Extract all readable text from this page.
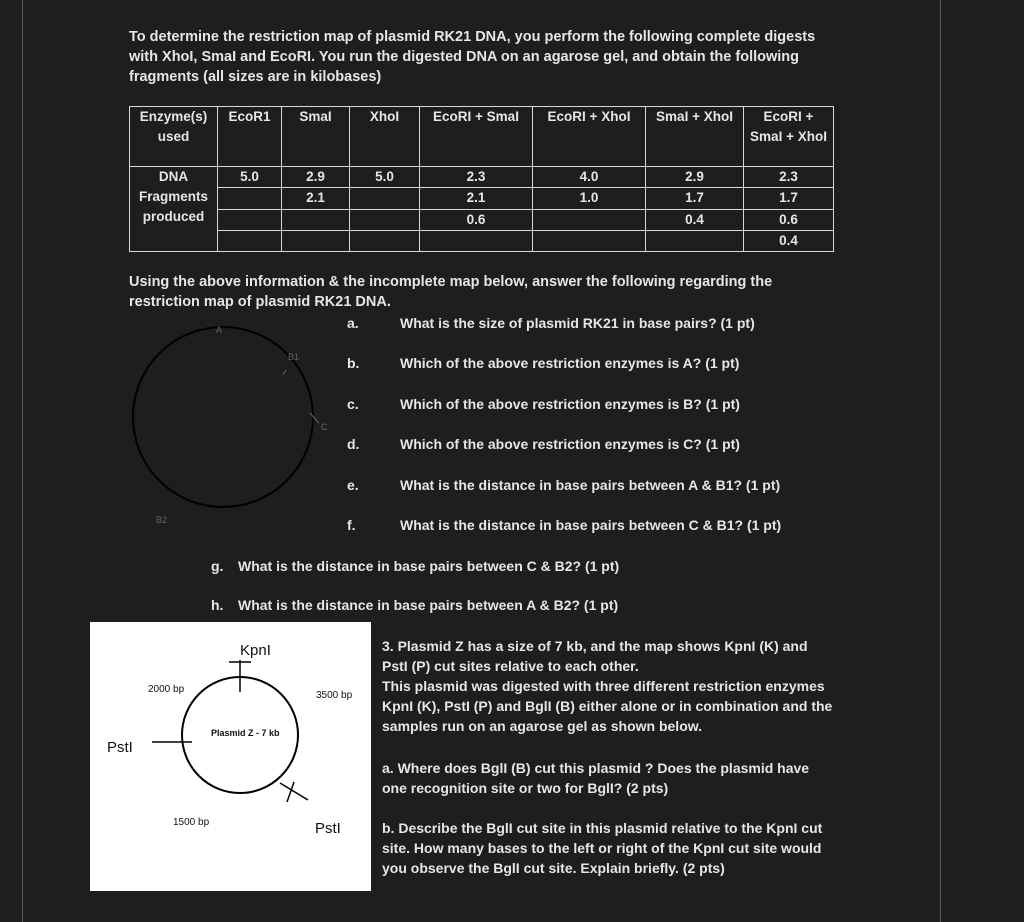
To determine the restriction map of plasmid RK21 DNA, you perform the following complete digests
with XhoI, SmaI and EcoRI. You run the digested DNA on an agarose gel, and obtain the following
fragments (all sizes are in kilobases)
Enzyme(s) used	EcoR1	SmaI	XhoI	EcoRI + SmaI	EcoRI + XhoI	SmaI + XhoI	EcoRI + SmaI + XhoI
DNA Fragments produced	5.0	2.9	5.0	2.3	4.0	2.9	2.3
		2.1		2.1	1.0	1.7	1.7
				0.6		0.4	0.6
							0.4
Using the above information & the incomplete map below, answer the following regarding the
restriction map of plasmid RK21 DNA.
A
B1
C
B2
a.	What is the size of plasmid RK21 in base pairs? (1 pt)
b.	Which of the above restriction enzymes is A? (1 pt)
c.	Which of the above restriction enzymes is B? (1 pt)
d.	Which of the above restriction enzymes is C? (1 pt)
e.	What is the distance in base pairs between A & B1? (1 pt)
f.	What is the distance in base pairs between C & B1? (1 pt)
g.	What is the distance in base pairs between C & B2? (1 pt)
h.	What is the distance in base pairs between A & B2? (1 pt)
KpnI
PstI
PstI
2000 bp
3500 bp
1500 bp
Plasmid Z - 7 kb
3. Plasmid Z has a size of 7 kb, and the map shows KpnI (K) and
PstI (P) cut sites relative to each other.
This plasmid was digested with three different restriction enzymes
KpnI (K), PstI (P) and BglI (B) either alone or in combination and the
samples run on an agarose gel as shown below.
a. Where does BglI (B) cut this plasmid ? Does the plasmid have
one recognition site or two for BglI? (2 pts)
b. Describe the BglI cut site in this plasmid relative to the KpnI cut
site. How many bases to the left or right of the KpnI cut site would
you observe the BglI cut site. Explain briefly. (2 pts)
